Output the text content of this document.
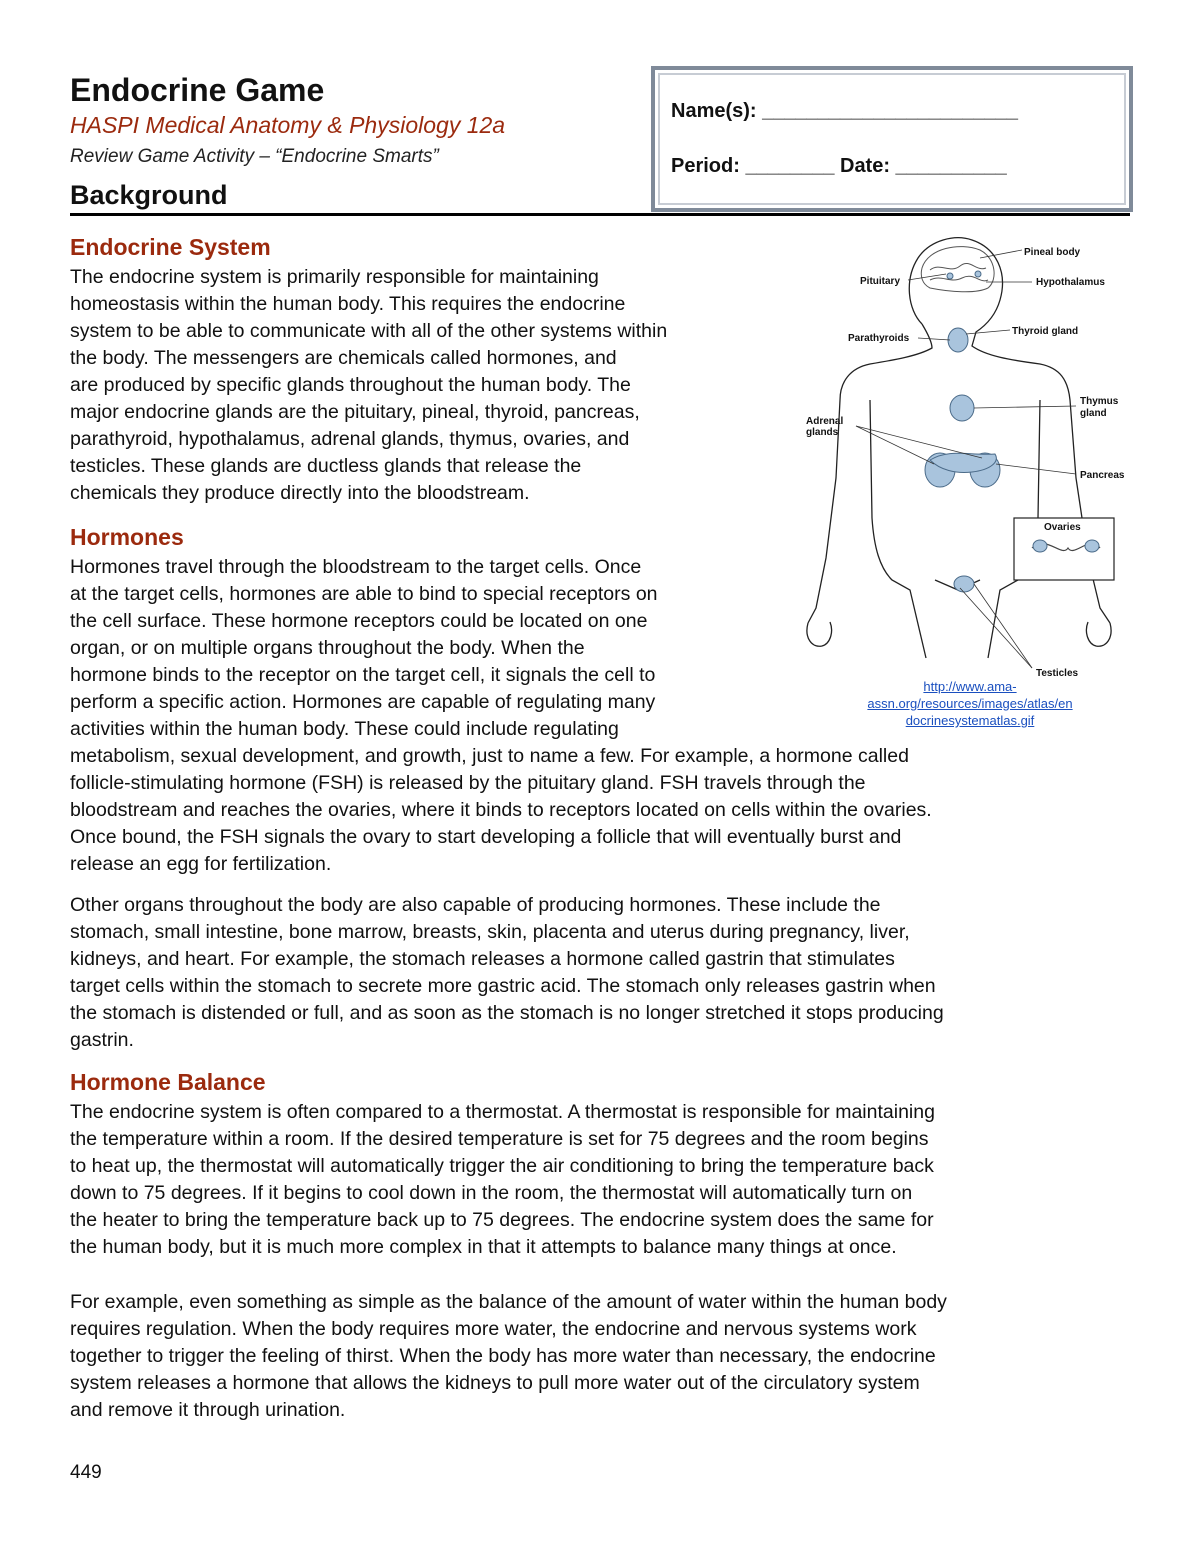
Endocrine Game
HASPI Medical Anatomy & Physiology 12a
Review Game Activity – “Endocrine Smarts”
Background
Name(s): _______________________
Period: ________ Date: __________
Endocrine System
The endocrine system is primarily responsible for maintaining
homeostasis within the human body. This requires the endocrine
system to be able to communicate with all of the other systems within
the body. The messengers are chemicals called hormones, and
are produced by specific glands throughout the human body. The
major endocrine glands are the pituitary, pineal, thyroid, pancreas,
parathyroid, hypothalamus, adrenal glands, thymus, ovaries, and
testicles. These glands are ductless glands that release the
chemicals they produce directly into the bloodstream.
Hormones
Hormones travel through the bloodstream to the target cells. Once
at the target cells, hormones are able to bind to special receptors on
the cell surface. These hormone receptors could be located on one
organ, or on multiple organs throughout the body. When the
hormone binds to the receptor on the target cell, it signals the cell to
perform a specific action. Hormones are capable of regulating many
activities within the human body. These could include regulating
metabolism, sexual development, and growth, just to name a few. For example, a hormone called
follicle-stimulating hormone (FSH) is released by the pituitary gland. FSH travels through the
bloodstream and reaches the ovaries, where it binds to receptors located on cells within the ovaries.
Once bound, the FSH signals the ovary to start developing a follicle that will eventually burst and
release an egg for fertilization.
Other organs throughout the body are also capable of producing hormones. These include the
stomach, small intestine, bone marrow, breasts, skin, placenta and uterus during pregnancy, liver,
kidneys, and heart. For example, the stomach releases a hormone called gastrin that stimulates
target cells within the stomach to secrete more gastric acid. The stomach only releases gastrin when
the stomach is distended or full, and as soon as the stomach is no longer stretched it stops producing
gastrin.
Hormone Balance
The endocrine system is often compared to a thermostat. A thermostat is responsible for maintaining
the temperature within a room. If the desired temperature is set for 75 degrees and the room begins
to heat up, the thermostat will automatically trigger the air conditioning to bring the temperature back
down to 75 degrees. If it begins to cool down in the room, the thermostat will automatically turn on
the heater to bring the temperature back up to 75 degrees. The endocrine system does the same for
the human body, but it is much more complex in that it attempts to balance many things at once.
For example, even something as simple as the balance of the amount of water within the human body
requires regulation. When the body requires more water, the endocrine and nervous systems work
together to trigger the feeling of thirst. When the body has more water than necessary, the endocrine
system releases a hormone that allows the kidneys to pull more water out of the circulatory system
and remove it through urination.
Pineal body
Pituitary	Hypothalamus
Parathyroids
Thyroid gland
Thymus
gland
Adrenal
glands
Pancreas
Ovaries
Testicles
http://www.ama-
assn.org/resources/images/atlas/en
docrinesystematlas.gif
449
